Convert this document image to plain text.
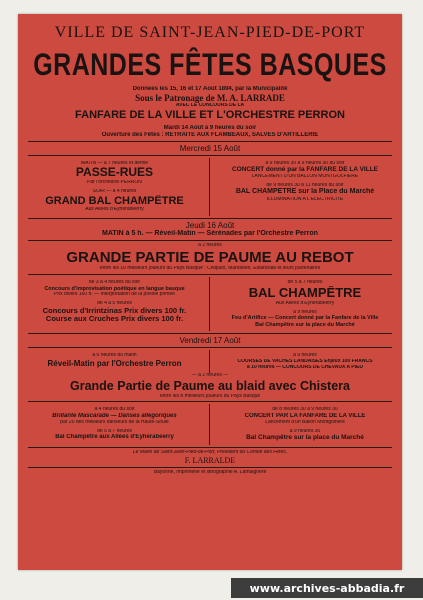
VILLE DE SAINT-JEAN-PIED-DE-PORT
GRANDES FÊTES BASQUES
Données les 15, 16 et 17 Août 1894, par la Municipalité
Sous le Patronage de M. A. LARRADE
AVEC LE CONCOURS DE LA
FANFARE DE LA VILLE ET L'ORCHESTRE PERRON
Mardi 14 Août à 9 heures du soir
Ouverture des Fêtes : RETRAITE AUX FLAMBEAUX, SALVES D'ARTILLERIE
Mercredi 15 Août
MATIN — à 7 heures et demie
PASSE-RUES
Par l'orchestre PERRON
SOIR — à 4 heures
GRAND BAL CHAMPÊTRE
Aux Allées d'Eyherabeerry
à 9 heures 30 à 9 heures 30 du soir
CONCERT donné par la FANFARE DE LA VILLE
LANCEMENT D'UN BALLON MONTGOLFIÈRE
de 9 heures 30 à 11 heures du soir
BAL CHAMPÊTRE sur la Place du Marché
ILLUMINATION A L'ÉLECTRICITÉ
Jeudi 16 Août
MATIN à 5 h. — Réveil-Matin — Sérénades par l'Orchestre Perron
à 2 heures
GRANDE PARTIE DE PAUME AU REBOT
entre les 10 meilleurs joueurs du Pays Basque : Chiquito, Mardokeo, Estanislas et leurs partenaires
de 3 à 4 heures du soir
Concours d'improvisation poétique en langue basque
Prix divers 160 fr. — Interprétation de la poésie primée
de 4 à 5 heures
Concours d'Irrintzinas Prix divers 100 fr.
Course aux Cruches Prix divers 100 fr.
de 5 à 7 heures
BAL CHAMPÊTRE
Aux Allées d'Eyherabeerry
à 9 heures
Feu d'Artifice — Concert donné par la Fanfare de la Ville
Bal Champêtre sur la place du Marché
Vendredi 17 Août
à 6 heures du matin
Réveil-Matin par l'Orchestre Perron
à 9 heures
COURSES DE VACHES LANDAISES Enjeux 100 FRANCS
à 10 heures — CONCOURS DE CHEVAUX A PIED
— à 2 heures —
Grande Partie de Paume au blaid avec Chistera
entre les 8 meilleurs joueurs du Pays Basque
à 4 heures du soir
Brillante Mascarade — Danses allégoriques
par 20 des meilleurs danseurs de la Haute-Soule
de 5 à 7 heures
Bal Champêtre aux Allées d'Eyherabeerry
de 8 heures 30 à 9 heures 30
CONCERT PAR LA FANFARE DE LA VILLE
Lancement d'un Ballon Montgolfière
à 9 heures 30
Bal Champêtre sur la place du Marché
Le Maire de Saint-Jean-Pied-de-Port, Président du Comité des Fêtes,
F. LARRALDE
Bayonne, Imprimerie et lithographie A. Lamaignère
www.archives-abbadia.fr
